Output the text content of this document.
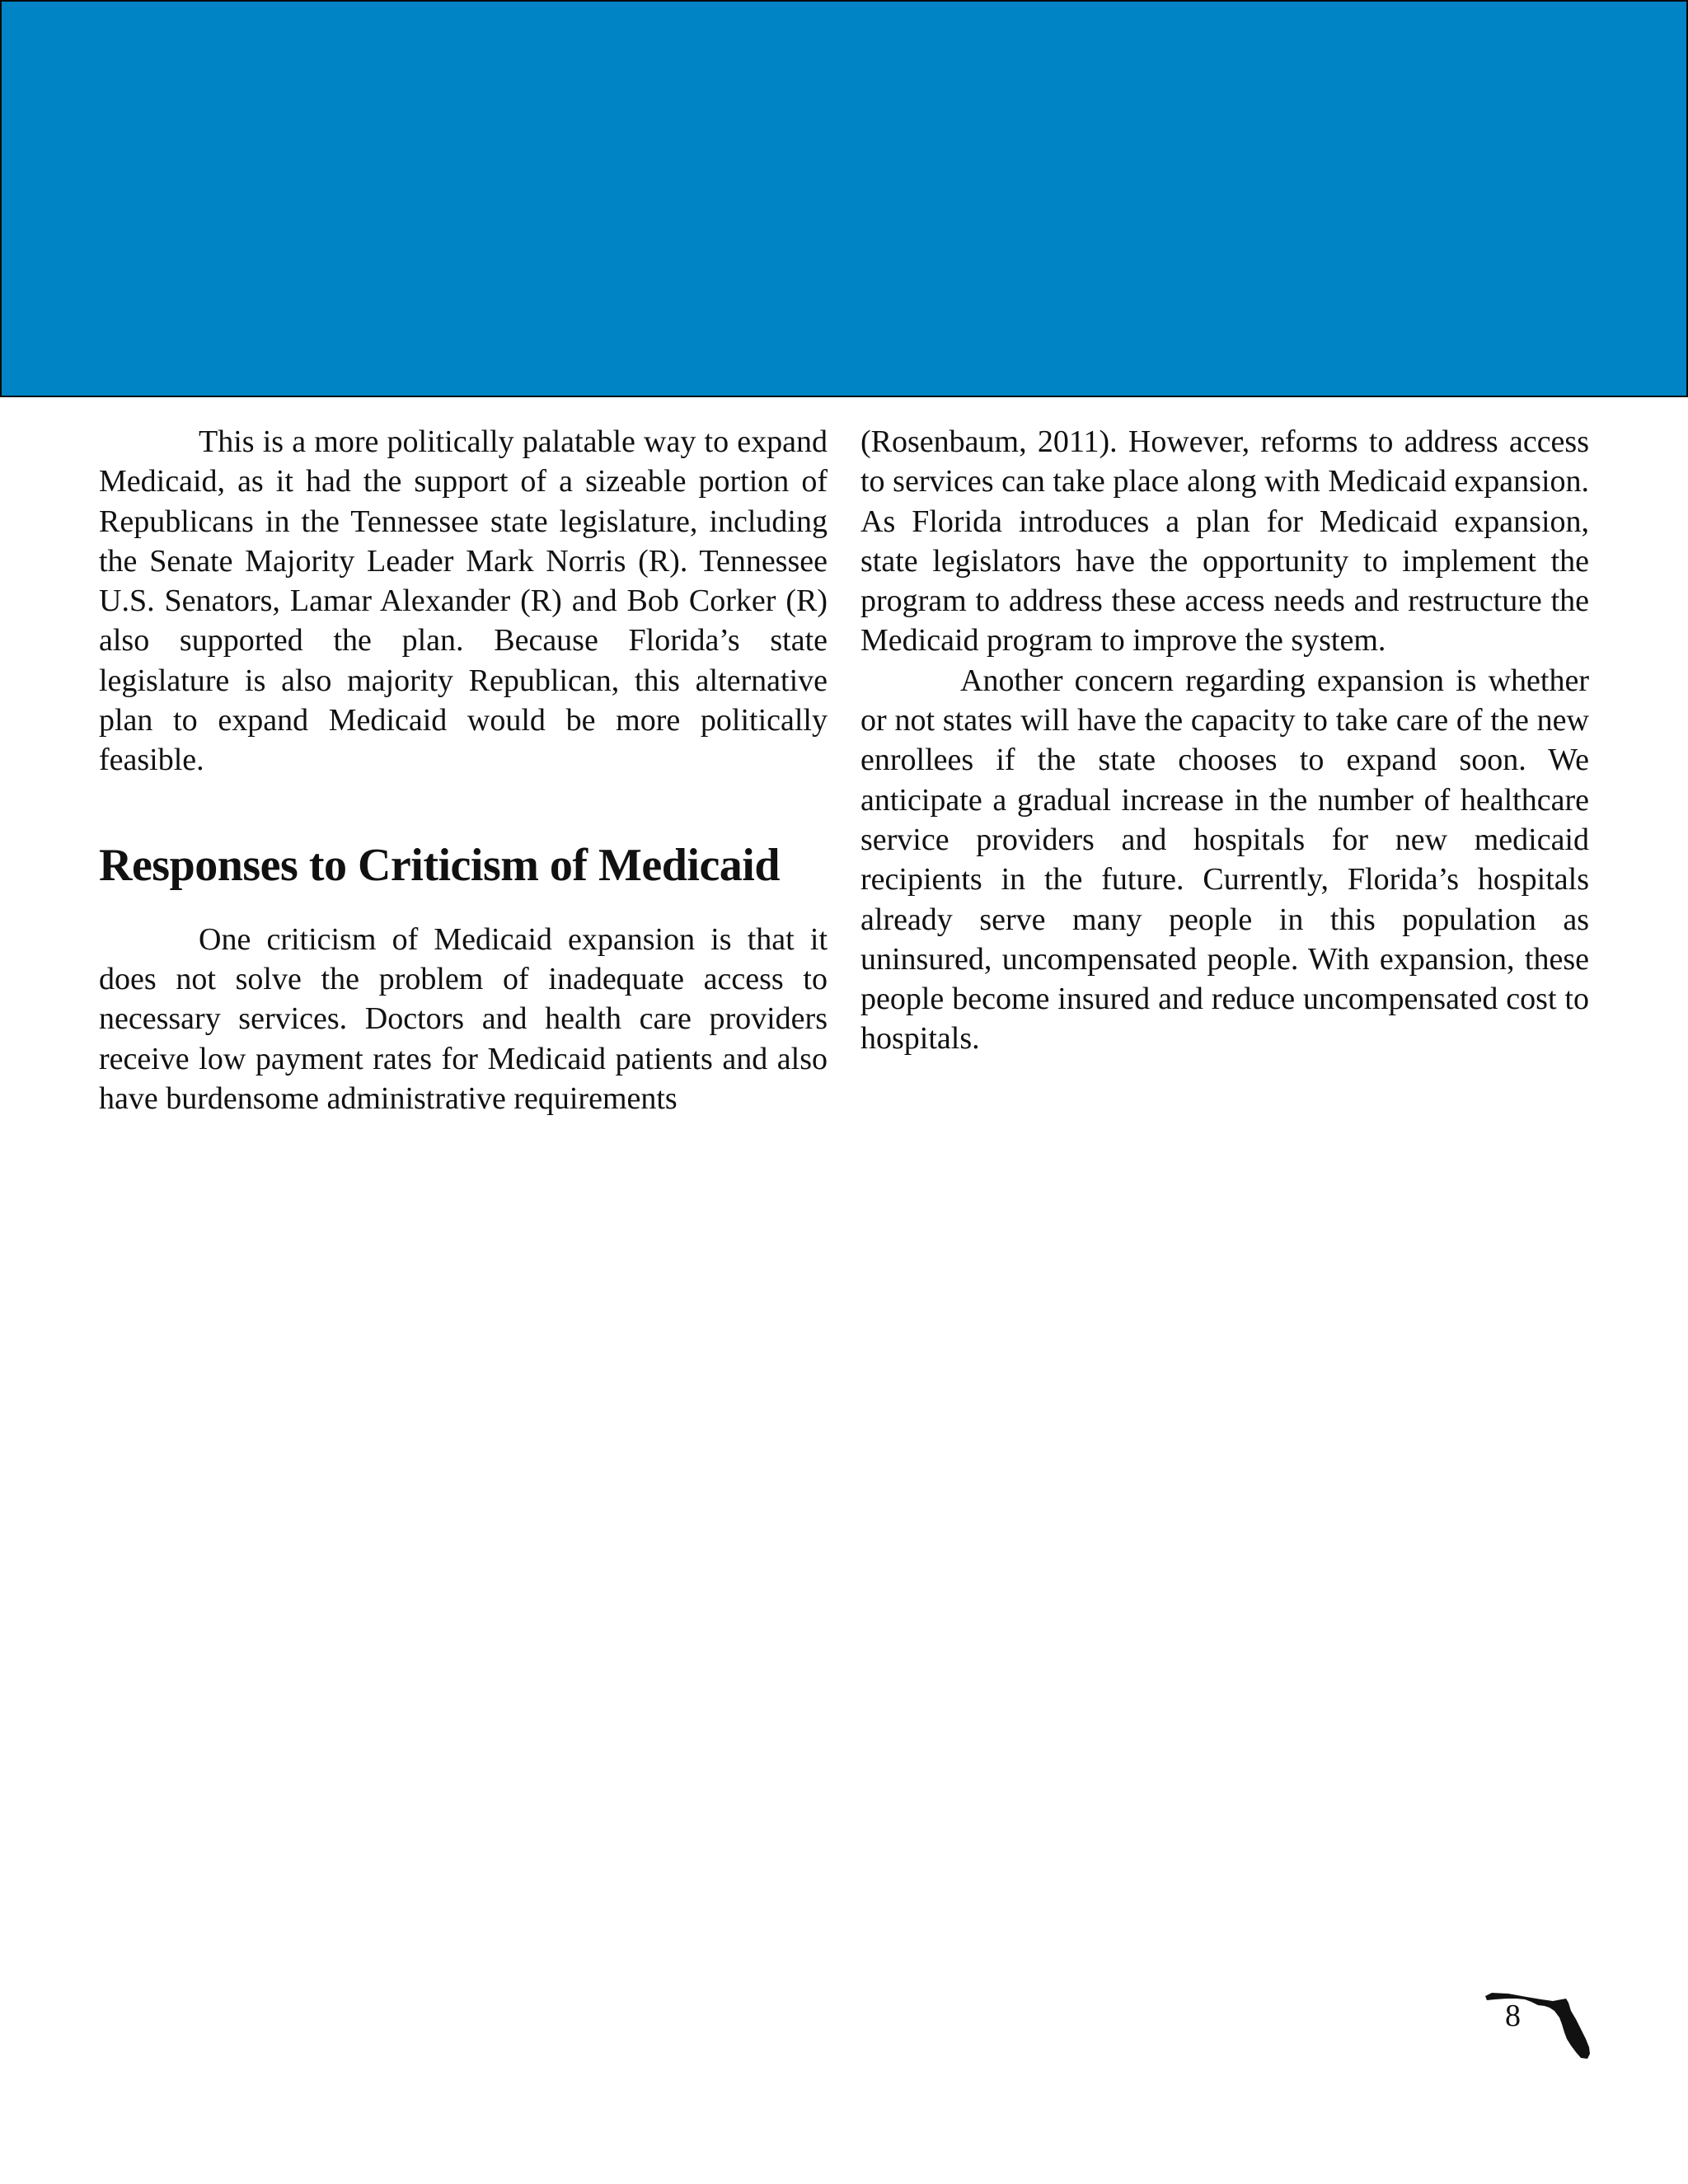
This is a more politically palatable way to expand Medicaid, as it had the support of a sizeable portion of Republicans in the Tennessee state legislature, including the Senate Majority Leader Mark Norris (R). Tennessee U.S. Senators, Lamar Alexander (R) and Bob Corker (R) also supported the plan. Because Florida’s state legislature is also majority Republican, this alternative plan to expand Medicaid would be more politically feasible.

Responses to Criticism of Medicaid

One criticism of Medicaid expansion is that it does not solve the problem of inadequate access to necessary services. Doctors and health care providers receive low payment rates for Medicaid patients and also have burdensome administrative requirements

(Rosenbaum, 2011). However, reforms to address access to services can take place along with Medicaid expansion. As Florida introduces a plan for Medicaid expansion, state legislators have the opportunity to implement the program to address these access needs and restructure the Medicaid program to improve the system.

Another concern regarding expansion is whether or not states will have the capacity to take care of the new enrollees if the state chooses to expand soon. We anticipate a gradual increase in the number of healthcare service providers and hospitals for new medicaid recipients in the future. Currently, Florida’s hospitals already serve many people in this population as uninsured, uncompensated people. With expansion, these people become insured and reduce uncompensated cost to hospitals.

8
